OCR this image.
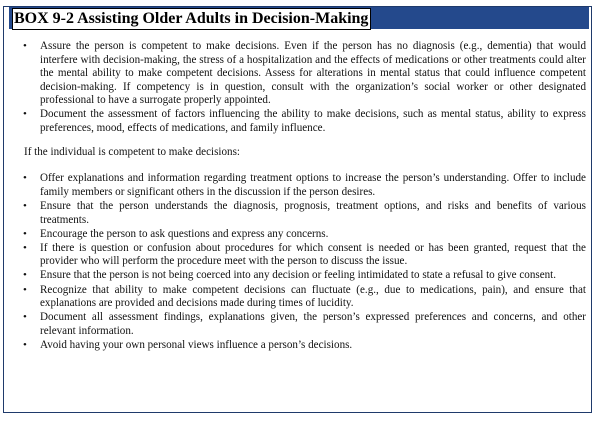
BOX 9-2 Assisting Older Adults in Decision-Making
• Assure the person is competent to make decisions. Even if the person has no diagnosis (e.g., dementia) that would interfere with decision-making, the stress of a hospitalization and the effects of medications or other treatments could alter the mental ability to make competent decisions. Assess for alterations in mental status that could influence competent decision-making. If competency is in question, consult with the organization’s social worker or other designated professional to have a surrogate properly appointed.
• Document the assessment of factors influencing the ability to make decisions, such as mental status, ability to express preferences, mood, effects of medications, and family influence.
If the individual is competent to make decisions:
• Offer explanations and information regarding treatment options to increase the person’s understanding. Offer to include family members or significant others in the discussion if the person desires.
• Ensure that the person understands the diagnosis, prognosis, treatment options, and risks and benefits of various treatments.
• Encourage the person to ask questions and express any concerns.
• If there is question or confusion about procedures for which consent is needed or has been granted, request that the provider who will perform the procedure meet with the person to discuss the issue.
• Ensure that the person is not being coerced into any decision or feeling intimidated to state a refusal to give consent.
• Recognize that ability to make competent decisions can fluctuate (e.g., due to medications, pain), and ensure that explanations are provided and decisions made during times of lucidity.
• Document all assessment findings, explanations given, the person’s expressed preferences and concerns, and other relevant information.
• Avoid having your own personal views influence a person’s decisions.
